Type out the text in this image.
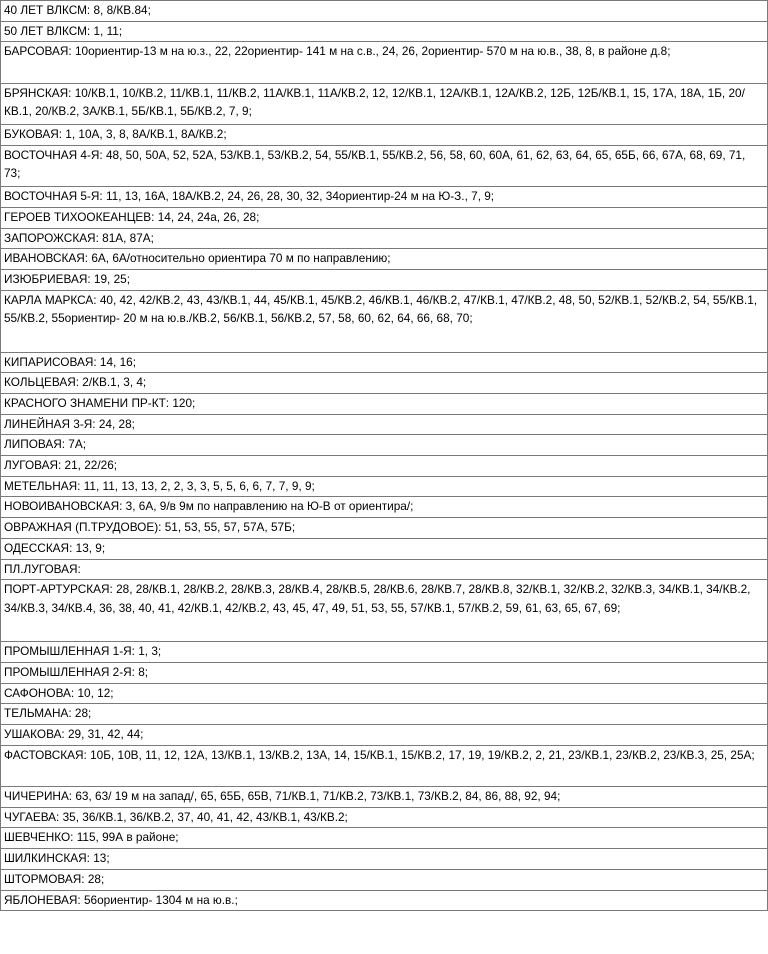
40 ЛЕТ ВЛКСМ: 8, 8/КВ.84;
50 ЛЕТ ВЛКСМ: 1, 11;
БАРСОВАЯ: 10ориентир-13 м на ю.з., 22, 22ориентир- 141 м на с.в., 24, 26, 2ориентир- 570 м на ю.в., 38, 8, в районе д.8;
БРЯНСКАЯ: 10/КВ.1, 10/КВ.2, 11/КВ.1, 11/КВ.2, 11А/КВ.1, 11А/КВ.2, 12, 12/КВ.1, 12А/КВ.1, 12А/КВ.2, 12Б, 12Б/КВ.1, 15, 17А, 18А, 1Б, 20/КВ.1, 20/КВ.2, 3А/КВ.1, 5Б/КВ.1, 5Б/КВ.2, 7, 9;
БУКОВАЯ: 1, 10А, 3, 8, 8А/КВ.1, 8А/КВ.2;
ВОСТОЧНАЯ 4-Я: 48, 50, 50А, 52, 52А, 53/КВ.1, 53/КВ.2, 54, 55/КВ.1, 55/КВ.2, 56, 58, 60, 60А, 61, 62, 63, 64, 65, 65Б, 66, 67А, 68, 69, 71, 73;
ВОСТОЧНАЯ 5-Я: 11, 13, 16А, 18А/КВ.2, 24, 26, 28, 30, 32, 34ориентир-24 м на Ю-З., 7, 9;
ГЕРОЕВ ТИХООКЕАНЦЕВ: 14, 24, 24а, 26, 28;
ЗАПОРОЖСКАЯ: 81А, 87А;
ИВАНОВСКАЯ: 6А, 6А/относительно ориентира 70 м по направлению;
ИЗЮБРИЕВАЯ: 19, 25;
КАРЛА МАРКСА: 40, 42, 42/КВ.2, 43, 43/КВ.1, 44, 45/КВ.1, 45/КВ.2, 46/КВ.1, 46/КВ.2, 47/КВ.1, 47/КВ.2, 48, 50, 52/КВ.1, 52/КВ.2, 54, 55/КВ.1, 55/КВ.2, 55ориентир- 20 м на ю.в./КВ.2, 56/КВ.1, 56/КВ.2, 57, 58, 60, 62, 64, 66, 68, 70;
КИПАРИСОВАЯ: 14, 16;
КОЛЬЦЕВАЯ: 2/КВ.1, 3, 4;
КРАСНОГО ЗНАМЕНИ ПР-КТ: 120;
ЛИНЕЙНАЯ 3-Я: 24, 28;
ЛИПОВАЯ: 7А;
ЛУГОВАЯ: 21, 22/26;
МЕТЕЛЬНАЯ: 11, 11, 13, 13, 2, 2, 3, 3, 5, 5, 6, 6, 7, 7, 9, 9;
НОВОИВАНОВСКАЯ: 3, 6А, 9/в 9м по направлению на Ю-В от ориентира/;
ОВРАЖНАЯ (П.ТРУДОВОЕ): 51, 53, 55, 57, 57А, 57Б;
ОДЕССКАЯ: 13, 9;
ПЛ.ЛУГОВАЯ:
ПОРТ-АРТУРСКАЯ: 28, 28/КВ.1, 28/КВ.2, 28/КВ.3, 28/КВ.4, 28/КВ.5, 28/КВ.6, 28/КВ.7, 28/КВ.8, 32/КВ.1, 32/КВ.2, 32/КВ.3, 34/КВ.1, 34/КВ.2, 34/КВ.3, 34/КВ.4, 36, 38, 40, 41, 42/КВ.1, 42/КВ.2, 43, 45, 47, 49, 51, 53, 55, 57/КВ.1, 57/КВ.2, 59, 61, 63, 65, 67, 69;
ПРОМЫШЛЕННАЯ 1-Я: 1, 3;
ПРОМЫШЛЕННАЯ 2-Я: 8;
САФОНОВА: 10, 12;
ТЕЛЬМАНА: 28;
УШАКОВА: 29, 31, 42, 44;
ФАСТОВСКАЯ: 10Б, 10В, 11, 12, 12А, 13/КВ.1, 13/КВ.2, 13А, 14, 15/КВ.1, 15/КВ.2, 17, 19, 19/КВ.2, 2, 21, 23/КВ.1, 23/КВ.2, 23/КВ.3, 25, 25А;
ЧИЧЕРИНА: 63, 63/ 19 м на запад/, 65, 65Б, 65В, 71/КВ.1, 71/КВ.2, 73/КВ.1, 73/КВ.2, 84, 86, 88, 92, 94;
ЧУГАЕВА: 35, 36/КВ.1, 36/КВ.2, 37, 40, 41, 42, 43/КВ.1, 43/КВ.2;
ШЕВЧЕНКО: 115, 99А в районе;
ШИЛКИНСКАЯ: 13;
ШТОРМОВАЯ: 28;
ЯБЛОНЕВАЯ: 56ориентир- 1304 м на ю.в.;
